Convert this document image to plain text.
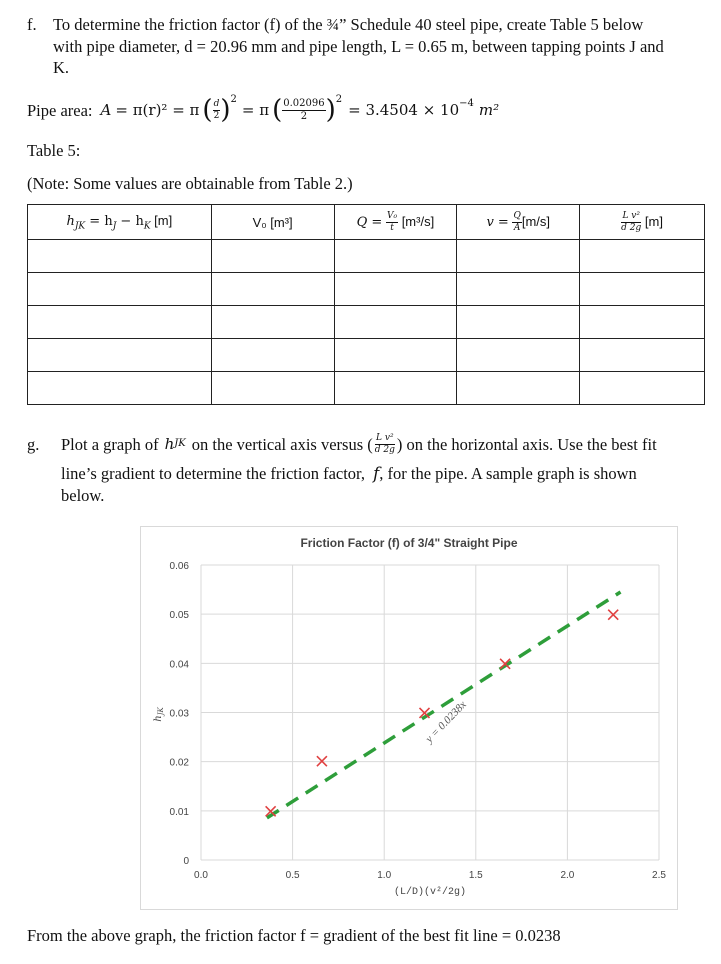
f. To determine the friction factor (f) of the ¾” Schedule 40 steel pipe, create Table 5 below
with pipe diameter, d = 20.96 mm and pipe length, L = 0.65 m, between tapping points J and
K.
Pipe area: A = π(r)² = π ( $\frac{d}{2}$ ) 2
= π ( $\frac{0.02096}{2}$ ) 2
= 3.4504 × 10 −4 m²
Table 5:
(Note: Some values are obtainable from Table 2.)
$h_{JK} = h_J - h_K$ [m]	V₀ [m³]	$Q = \frac{\text{V₀}}{t} [m^3/s]$	$v = \frac{Q}{A} [m/s]$	$\frac{\text{L v²}}{d 2g} [m]$

g. Plot a graph of h JK on the vertical axis versus ( $\frac{\text{L v²}}{d 2g}$ ) on the horizontal axis. Use the best fit
line’s gradient to determine the friction factor, f, for the pipe. A sample graph is shown
below.
Friction Factor (f) of 3/4" Straight Pipe
0.0	0.5	1.0	1.5	2.0	2.5
0
0.01
0.02
0.03
0.04
0.05
0.06
(L/D)(v²/2g)
$h_{JK}$	y = 0.0238x
From the above graph, the friction factor f = gradient of the best fit line = 0.0238
